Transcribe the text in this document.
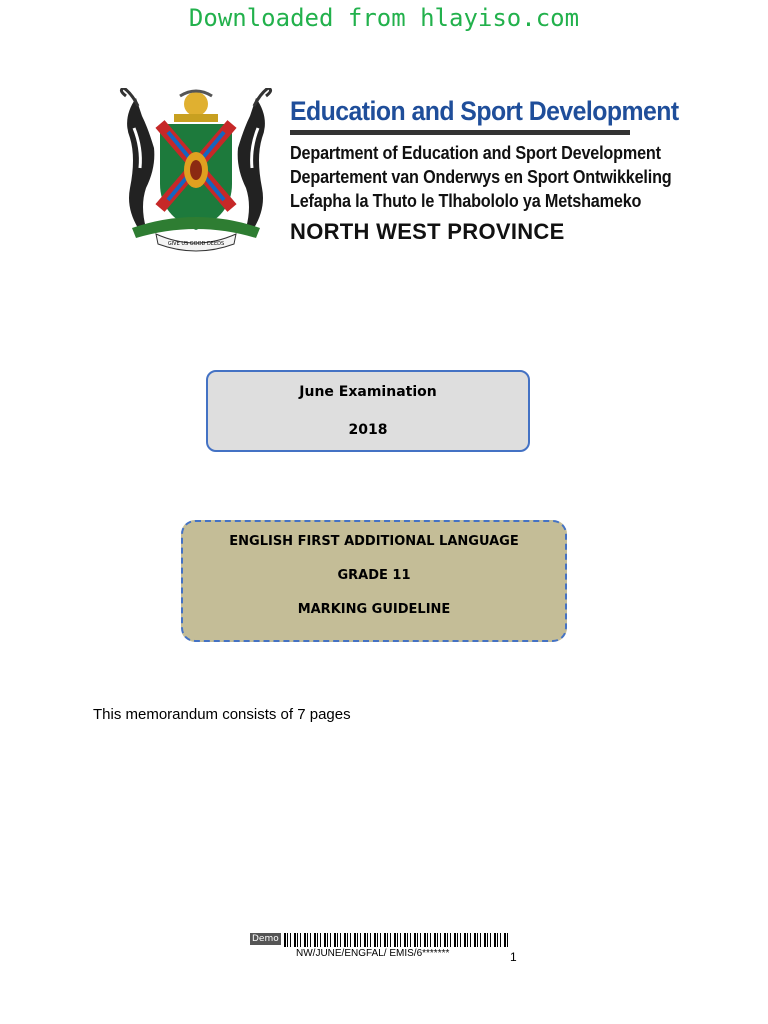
Downloaded from hlayiso.com
GIVE US GOOD DEEDS
Education and Sport Development
Department of Education and Sport Development
Departement van Onderwys en Sport Ontwikkeling
Lefapha la Thuto le Tlhabololo ya Metshameko
NORTH WEST PROVINCE
June Examination
2018
ENGLISH FIRST ADDITIONAL LANGUAGE
GRADE 11
MARKING GUIDELINE
This memorandum consists of 7 pages
Demo
NW/JUNE/ENGFAL/ EMIS/6*******	1
